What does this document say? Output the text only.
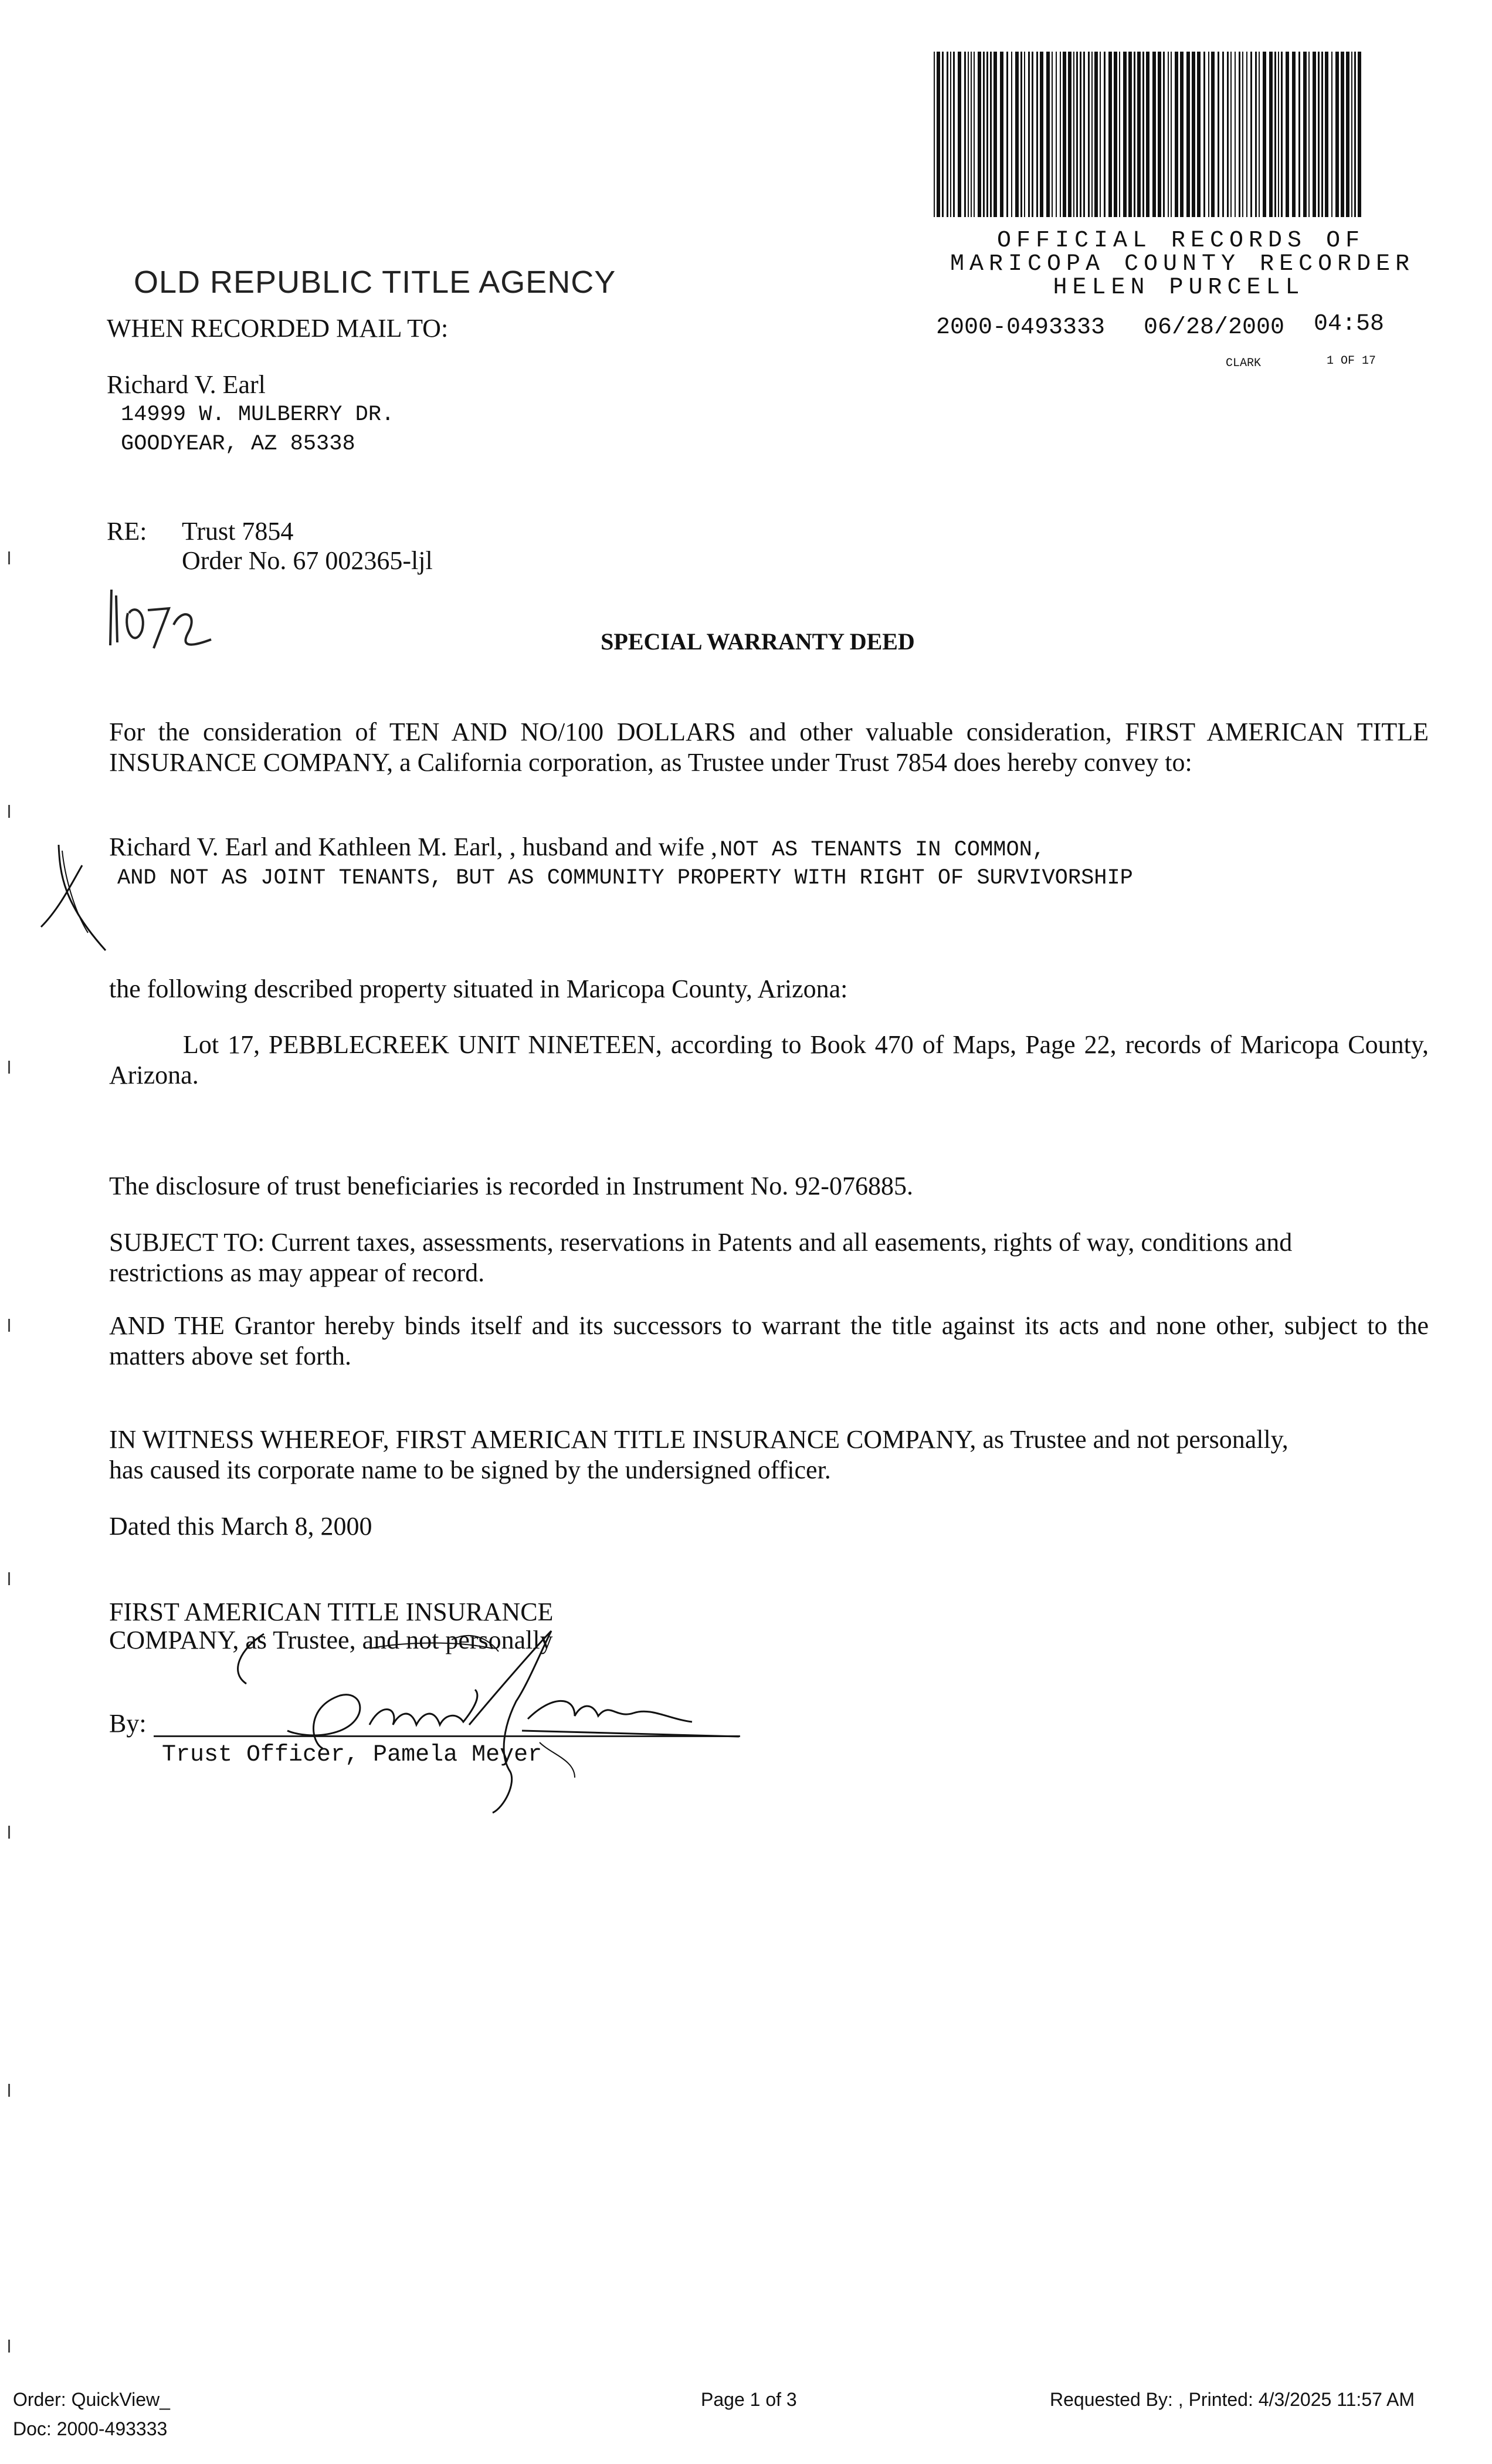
OFFICIAL RECORDS OF
MARICOPA COUNTY RECORDER
HELEN PURCELL
2000-0493333 06/28/2000 04:58
CLARK	1 OF 17
OLD REPUBLIC TITLE AGENCY
WHEN RECORDED MAIL TO:
Richard V. Earl
14999 W. MULBERRY DR.
GOODYEAR, AZ 85338
RE: Trust 7854
Order No. 67 002365-ljl
SPECIAL WARRANTY DEED
For the consideration of TEN AND NO/100 DOLLARS and other valuable consideration, FIRST AMERICAN TITLE INSURANCE COMPANY, a California corporation, as Trustee under Trust 7854 does hereby convey to:
Richard V. Earl and Kathleen M. Earl, , husband and wife , NOT AS TENANTS IN COMMON,
AND NOT AS JOINT TENANTS, BUT AS COMMUNITY PROPERTY WITH RIGHT OF SURVIVORSHIP
the following described property situated in Maricopa County, Arizona:
Lot 17, PEBBLECREEK UNIT NINETEEN, according to Book 470 of Maps, Page 22, records of Maricopa County, Arizona.
The disclosure of trust beneficiaries is recorded in Instrument No. 92-076885.
SUBJECT TO: Current taxes, assessments, reservations in Patents and all easements, rights of way, conditions and restrictions as may appear of record.
AND THE Grantor hereby binds itself and its successors to warrant the title against its acts and none other, subject to the matters above set forth.
IN WITNESS WHEREOF, FIRST AMERICAN TITLE INSURANCE COMPANY, as Trustee and not personally, has caused its corporate name to be signed by the undersigned officer.
Dated this March 8, 2000
FIRST AMERICAN TITLE INSURANCE
COMPANY, as Trustee, and not personally
By:
Trust Officer, Pamela Meyer
Order: QuickView_
Doc: 2000-493333
Page 1 of 3	Requested By: , Printed: 4/3/2025 11:57 AM
